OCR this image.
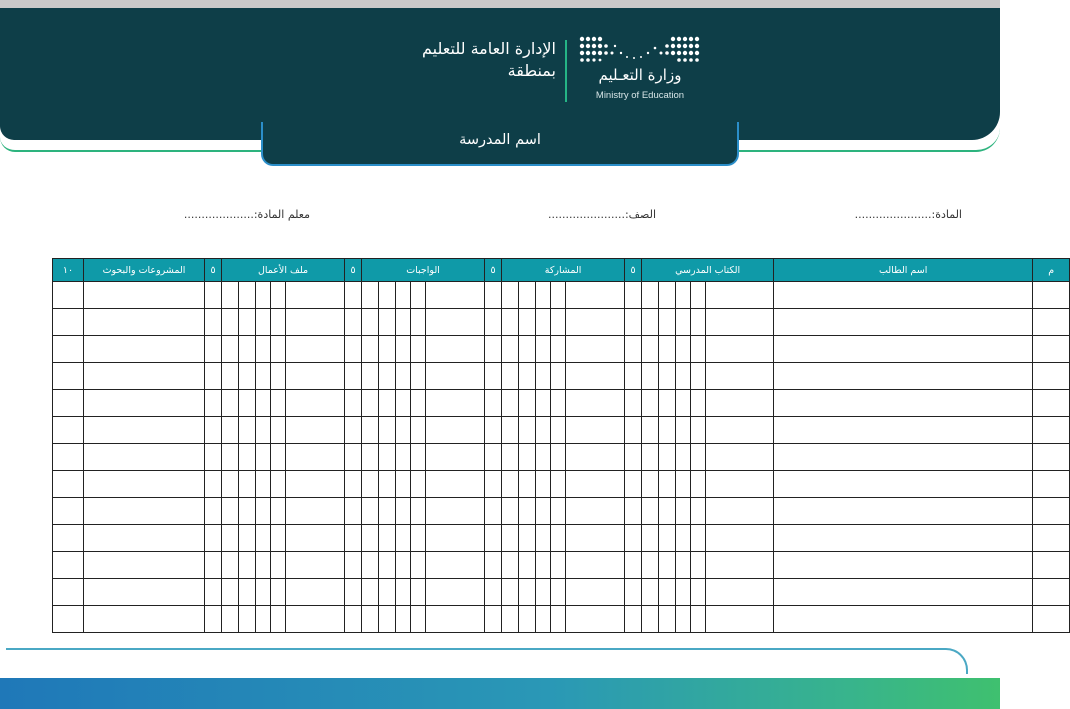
وزارة التعـليم
Ministry of Education
الإدارة العامة للتعليم
بمنطقة
اسم المدرسة
المادة:......................
الصف:......................
معلم المادة:....................
م	اسم الطالب	الكتاب المدرسي					٥	المشاركة					٥	الواجبات					٥	ملف الأعمال					٥	المشروعات والبحوث	١٠
